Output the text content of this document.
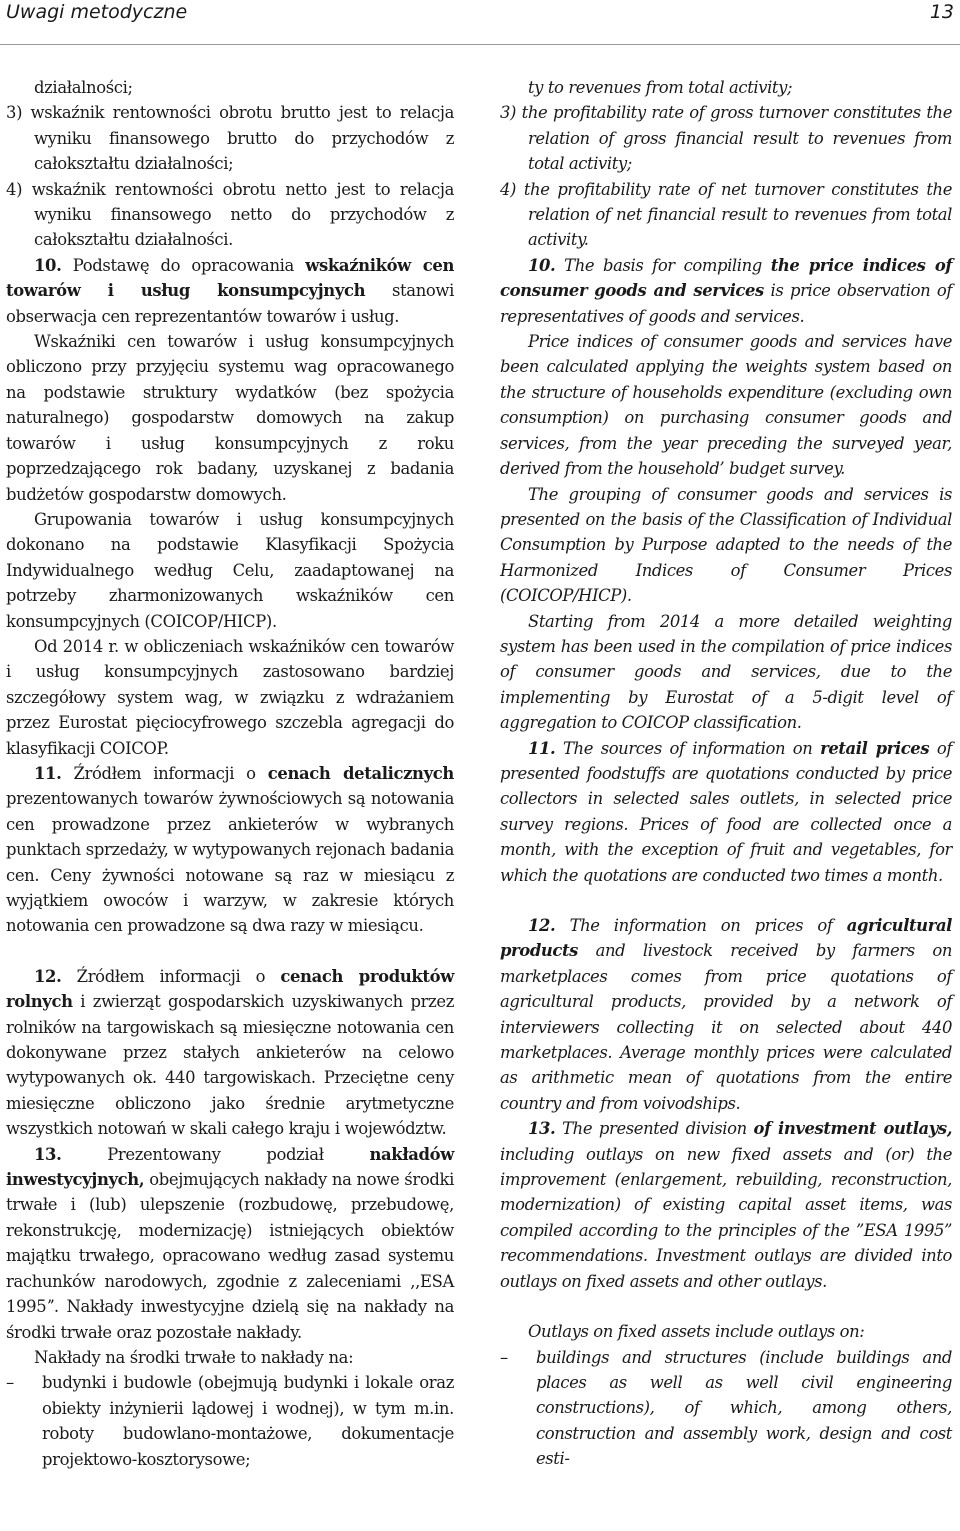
Uwagi metodyczne	13

działalności;

3) wskaźnik rentowności obrotu brutto jest to relacja wyniku finansowego brutto do przychodów z całokształtu działalności;

4) wskaźnik rentowności obrotu netto jest to relacja wyniku finansowego netto do przychodów z całokształtu działalności.

10. Podstawę do opracowania wskaźników cen towarów i usług konsumpcyjnych stanowi obserwacja cen reprezentantów towarów i usług.

Wskaźniki cen towarów i usług konsumpcyjnych obliczono przy przyjęciu systemu wag opracowanego na podstawie struktury wydatków (bez spożycia naturalnego) gospodarstw domowych na zakup towarów i usług konsumpcyjnych z roku poprzedzającego rok badany, uzyskanej z badania budżetów gospodarstw domowych.

Grupowania towarów i usług konsumpcyjnych dokonano na podstawie Klasyfikacji Spożycia Indywidualnego według Celu, zaadaptowanej na potrzeby zharmonizowanych wskaźników cen konsumpcyjnych (COICOP/HICP).

Od 2014 r. w obliczeniach wskaźników cen towarów i usług konsumpcyjnych zastosowano bardziej szczegółowy system wag, w związku z wdrażaniem przez Eurostat pięciocyfrowego szczebla agregacji do klasyfikacji COICOP.

11. Źródłem informacji o cenach detalicznych prezentowanych towarów żywnościowych są notowania cen prowadzone przez ankieterów w wybranych punktach sprzedaży, w wytypowanych rejonach badania cen. Ceny żywności notowane są raz w miesiącu z wyjątkiem owoców i warzyw, w zakresie których notowania cen prowadzone są dwa razy w miesiącu.

12. Źródłem informacji o cenach produktów rolnych i zwierząt gospodarskich uzyskiwanych przez rolników na targowiskach są miesięczne notowania cen dokonywane przez stałych ankieterów na celowo wytypowanych ok. 440 targowiskach. Przeciętne ceny miesięczne obliczono jako średnie arytmetyczne wszystkich notowań w skali całego kraju i województw.

13. Prezentowany podział nakładów inwestycyjnych, obejmujących nakłady na nowe środki trwałe i (lub) ulepszenie (rozbudowę, przebudowę, rekonstrukcję, modernizację) istniejących obiektów majątku trwałego, opracowano według zasad systemu rachunków narodowych, zgodnie z zaleceniami ,,ESA 1995ˮ. Nakłady inwestycyjne dzielą się na nakłady na środki trwałe oraz pozostałe nakłady.

Nakłady na środki trwałe to nakłady na:

– budynki i budowle (obejmują budynki i lokale oraz obiekty inżynierii lądowej i wodnej), w tym m.in. roboty budowlano-montażowe, dokumentacje projektowo-kosztorysowe;

ty to revenues from total activity;

3) the profitability rate of gross turnover constitutes the relation of gross financial result to revenues from total activity;

4) the profitability rate of net turnover constitutes the relation of net financial result to revenues from total activity.

10. The basis for compiling the price indices of consumer goods and services is price observation of representatives of goods and services.

Price indices of consumer goods and services have been calculated applying the weights system based on the structure of households expenditure (excluding own consumption) on purchasing consumer goods and services, from the year preceding the surveyed year, derived from the household’ budget survey.

The grouping of consumer goods and services is presented on the basis of the Classification of Individual Consumption by Purpose adapted to the needs of the Harmonized Indices of Consumer Prices (COICOP/HICP).

Starting from 2014 a more detailed weighting system has been used in the compilation of price indices of consumer goods and services, due to the implementing by Eurostat of a 5-digit level of aggregation to COICOP classification.

11. The sources of information on retail prices of presented foodstuffs are quotations conducted by price collectors in selected sales outlets, in selected price survey regions. Prices of food are collected once a month, with the exception of fruit and vegetables, for which the quotations are conducted two times a month.

12. The information on prices of agricultural products and livestock received by farmers on marketplaces comes from price quotations of agricultural products, provided by a network of interviewers collecting it on selected about 440 marketplaces. Average monthly prices were calculated as arithmetic mean of quotations from the entire country and from voivodships.

13. The presented division of investment outlays, including outlays on new fixed assets and (or) the improvement (enlargement, rebuilding, reconstruction, modernization) of existing capital asset items, was compiled according to the principles of the ”ESA 1995” recommendations. Investment outlays are divided into outlays on fixed assets and other outlays.

Outlays on fixed assets include outlays on:

– buildings and structures (include buildings and places as well as well civil engineering constructions), of which, among others, construction and assembly work, design and cost esti-
